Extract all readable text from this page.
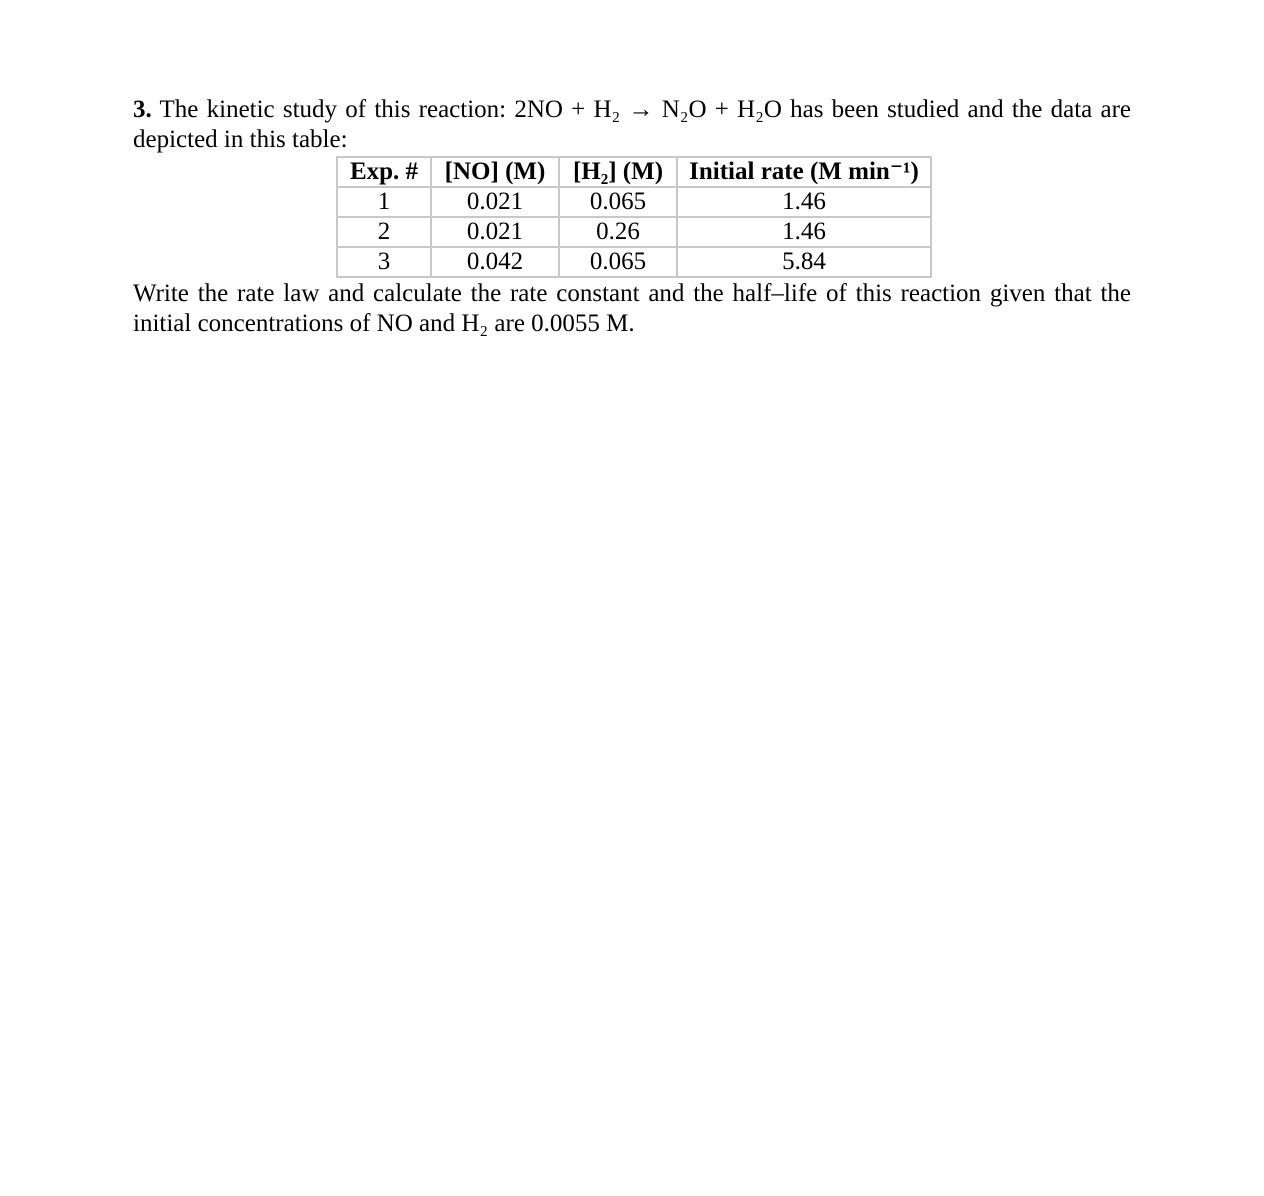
3. The kinetic study of this reaction: 2NO + H₂ → N₂O + H₂O has been studied and the data are
depicted in this table:

Exp. #	[NO] (M)	[H₂] (M)	Initial rate (M min⁻¹)
1	0.021	0.065	1.46
2	0.021	0.26	1.46
3	0.042	0.065	5.84

Write the rate law and calculate the rate constant and the half–life of this reaction given that the
initial concentrations of NO and H₂ are 0.0055 M.
